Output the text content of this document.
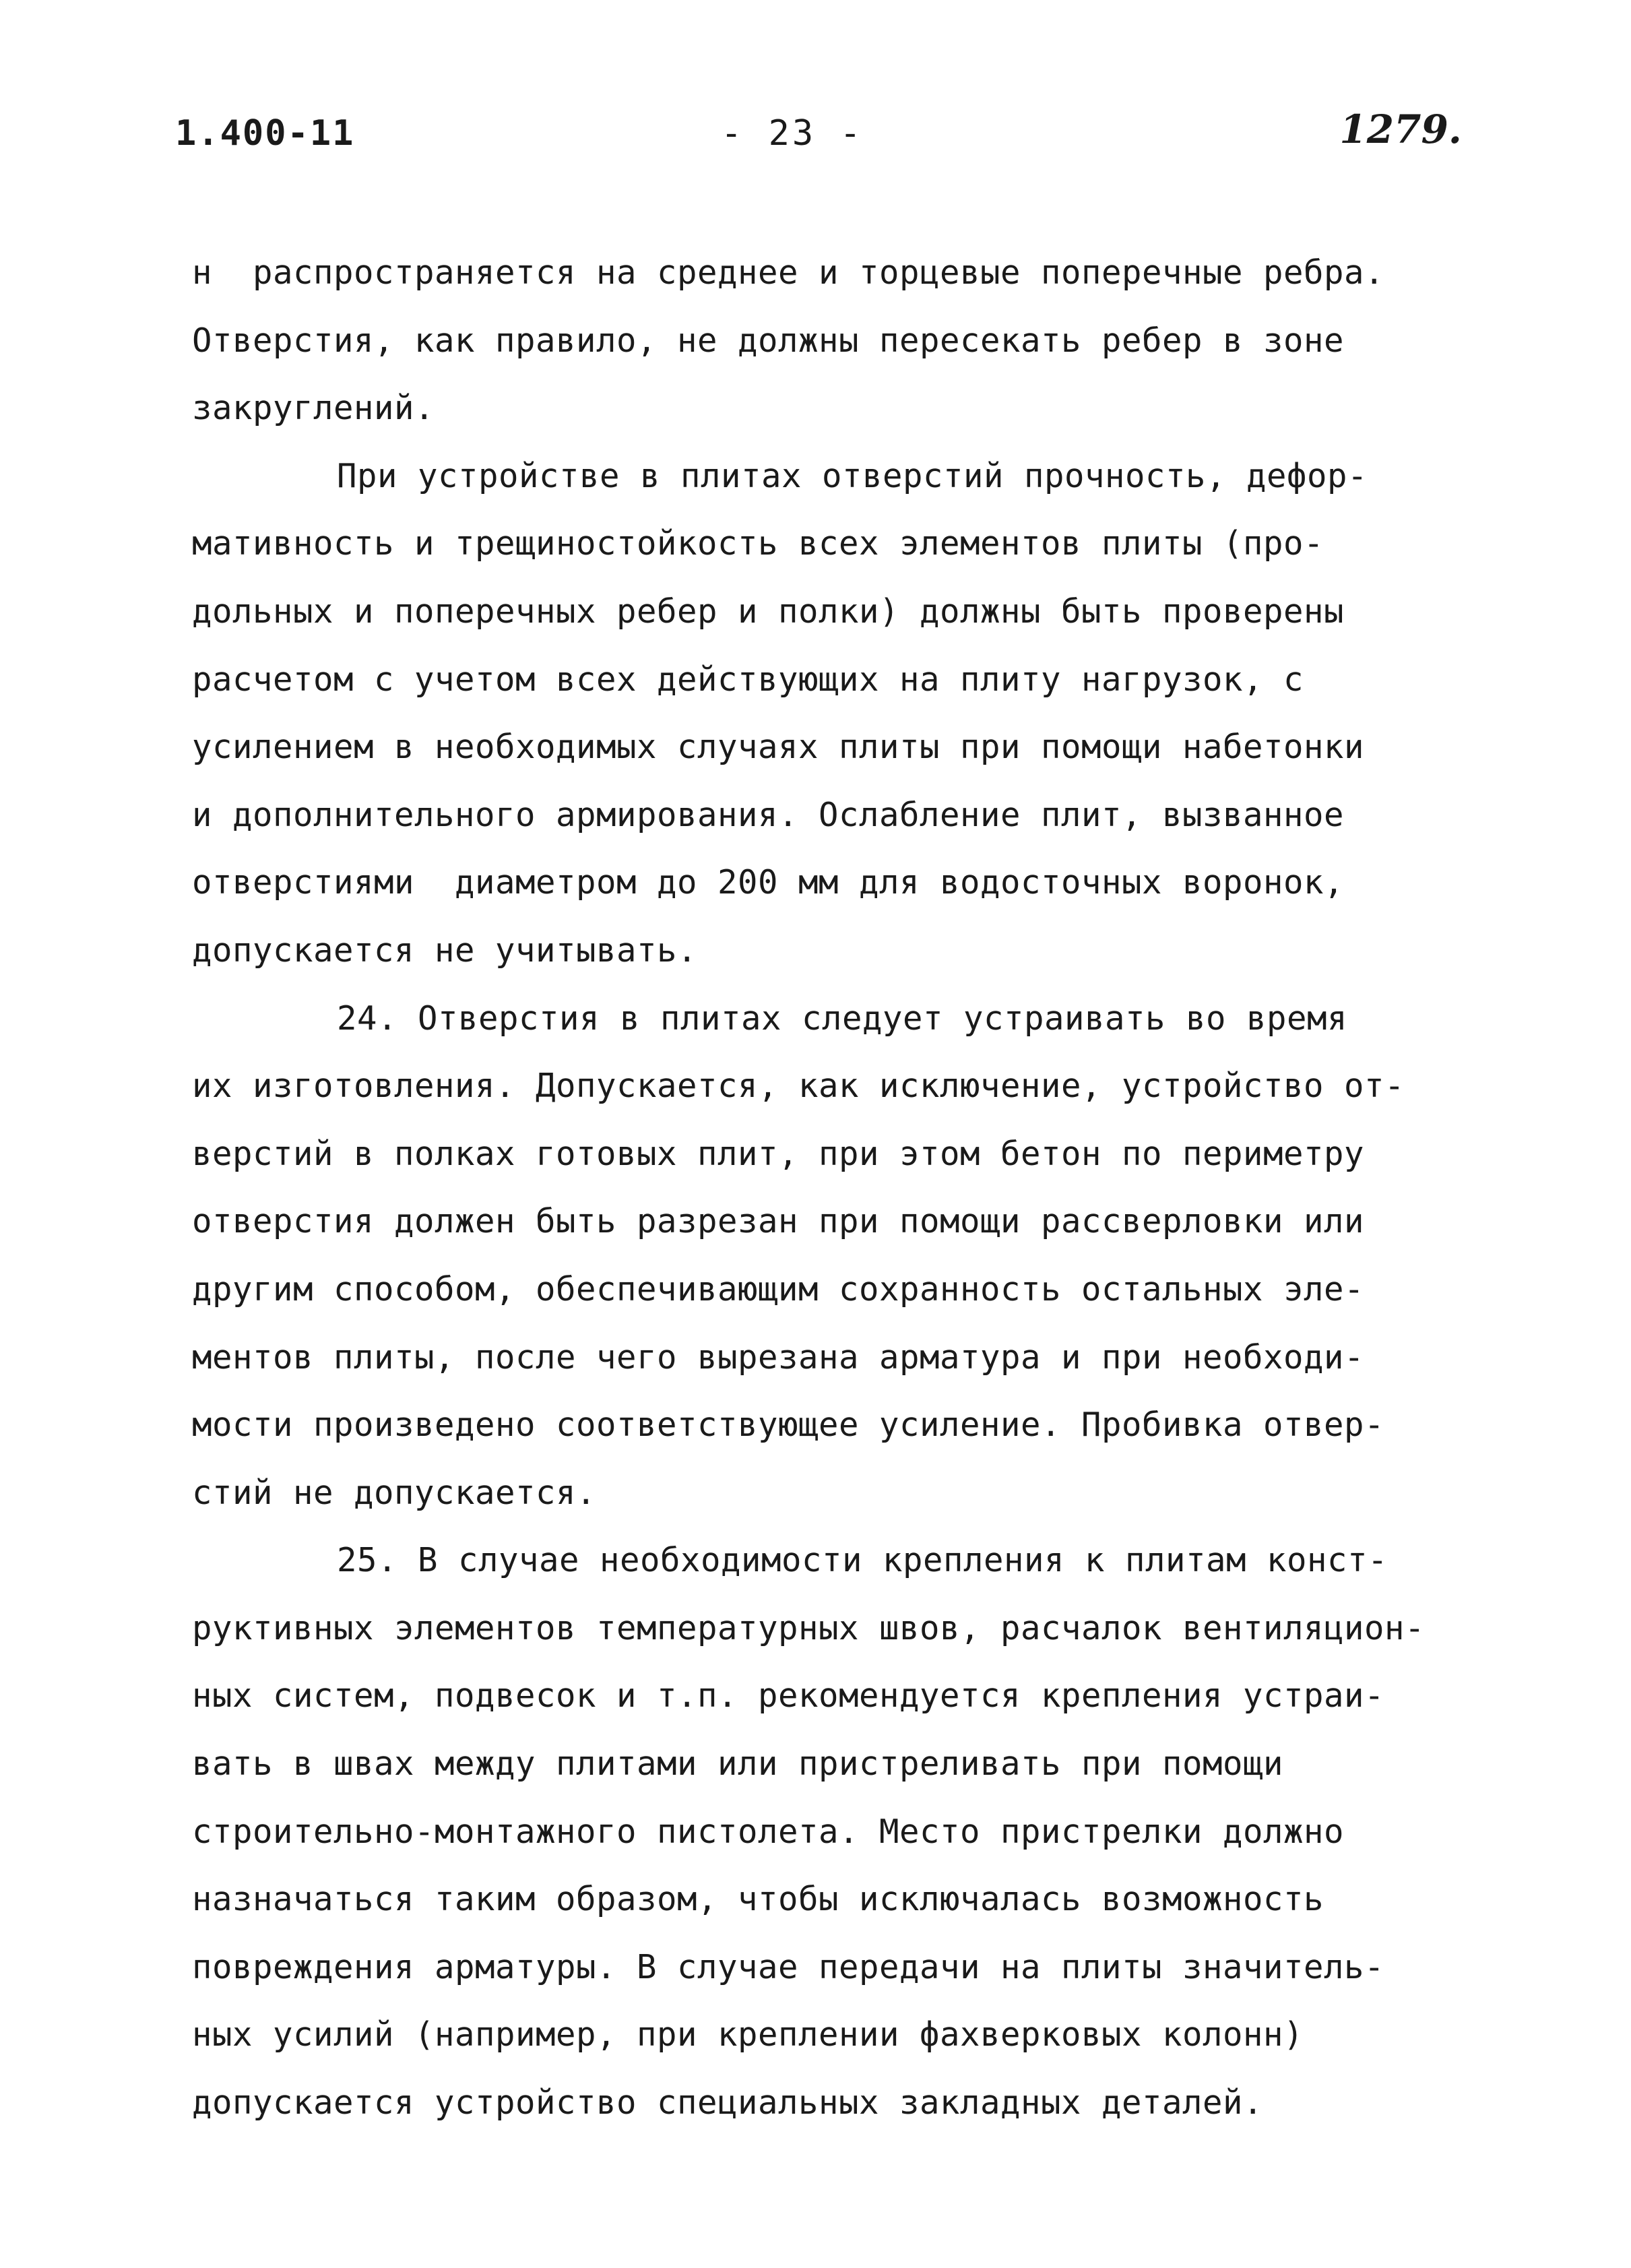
1.400-11	- 23 -	1279.
н  распространяется на среднее и торцевые поперечные ребра.
Отверстия, как правило, не должны пересекать ребер в зоне
закруглений.
При устройстве в плитах отверстий прочность, дефор-
мативность и трещиностойкость всех элементов плиты (про-
дольных и поперечных ребер и полки) должны быть проверены
расчетом с учетом всех действующих на плиту нагрузок, с
усилением в необходимых случаях плиты при помощи набетонки
и дополнительного армирования. Ослабление плит, вызванное
отверстиями  диаметром до 200 мм для водосточных воронок,
допускается не учитывать.
24. Отверстия в плитах следует устраивать во время
их изготовления. Допускается, как исключение, устройство от-
верстий в полках готовых плит, при этом бетон по периметру
отверстия должен быть разрезан при помощи рассверловки или
другим способом, обеспечивающим сохранность остальных эле-
ментов плиты, после чего вырезана арматура и при необходи-
мости произведено соответствующее усиление. Пробивка отвер-
стий не допускается.
25. В случае необходимости крепления к плитам конст-
руктивных элементов температурных швов, расчалок вентиляцион-
ных систем, подвесок и т.п. рекомендуется крепления устраи-
вать в швах между плитами или пристреливать при помощи
строительно-монтажного пистолета. Место пристрелки должно
назначаться таким образом, чтобы исключалась возможность
повреждения арматуры. В случае передачи на плиты значитель-
ных усилий (например, при креплении фахверковых колонн)
допускается устройство специальных закладных деталей.
